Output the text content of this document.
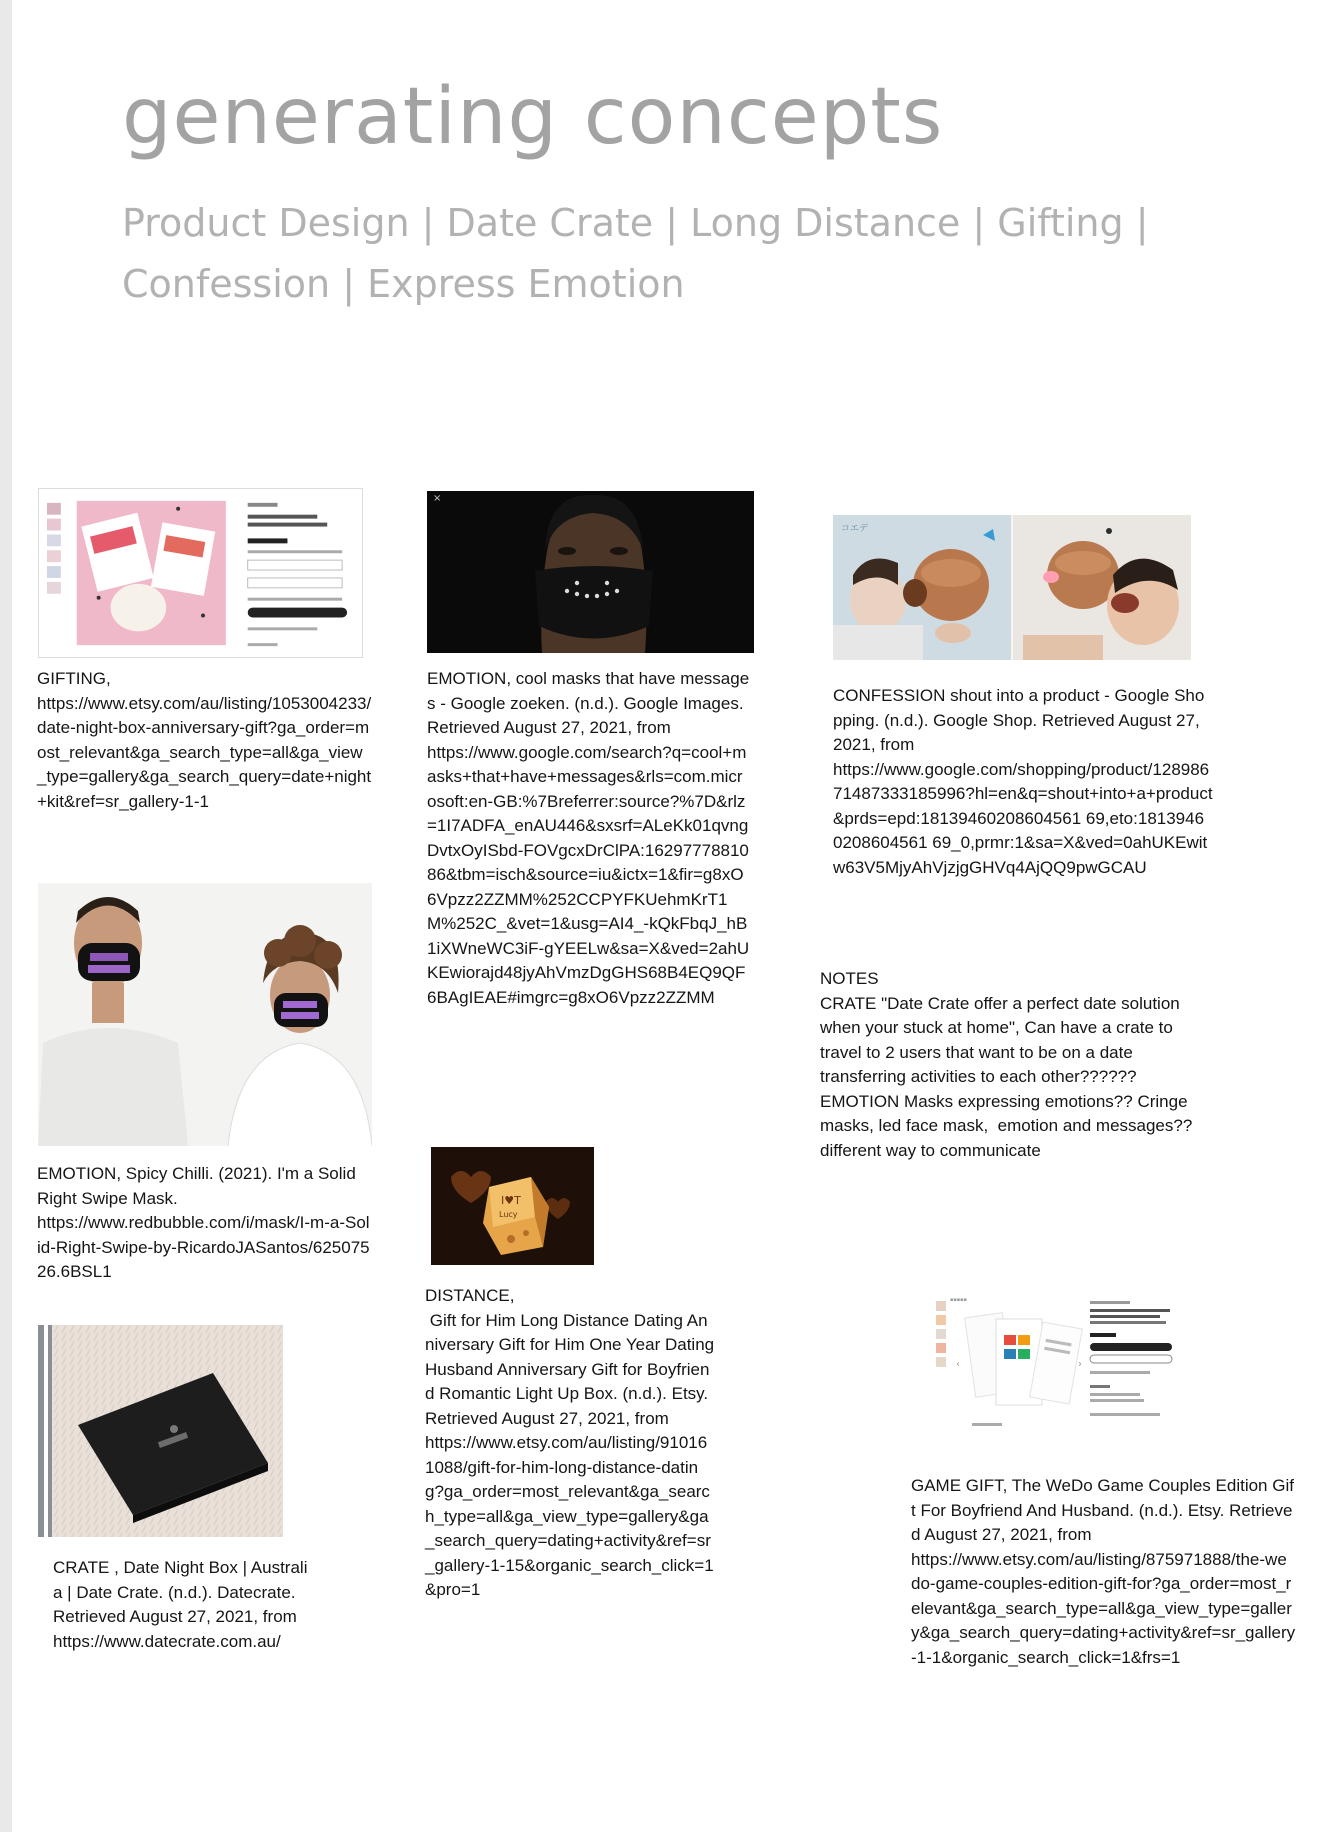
generating concepts

Product Design | Date Crate | Long Distance | Gifting | Confession | Express Emotion

GIFTING,
https://www.etsy.com/au/listing/1053004233/date-night-box-anniversary-gift?ga_order=most_relevant&ga_search_type=all&ga_view_type=gallery&ga_search_query=date+night+kit&ref=sr_gallery-1-1

EMOTION, Spicy Chilli. (2021). I'm a Solid Right Swipe Mask.
https://www.redbubble.com/i/mask/I-m-a-Solid-Right-Swipe-by-RicardoJASantos/62507526.6BSL1

CRATE , Date Night Box | Australia | Date Crate. (n.d.). Datecrate. Retrieved August 27, 2021, from
https://www.datecrate.com.au/

×

EMOTION, cool masks that have messages - Google zoeken. (n.d.). Google Images. Retrieved August 27, 2021, from
https://www.google.com/search?q=cool+masks+that+have+messages&rls=com.microsoft:en-GB:%7Breferrer:source?%7D&rlz=1I7ADFA_enAU446&sxsrf=ALeKk01qvngDvtxOyISbd-FOVgcxDrClPA:1629777881086&tbm=isch&source=iu&ictx=1&fir=g8xO6Vpzz2ZZMM%252CCPYFKUehmKrT1M%252C_&vet=1&usg=AI4_-kQkFbqJ_hB1iXWneWC3iF-gYEELw&sa=X&ved=2ahUKEwiorajd48jyAhVmzDgGHS68B4EQ9QF6BAgIEAE#imgrc=g8xO6Vpzz2ZZMM

I♥T
Lucy

DISTANCE,
Gift for Him Long Distance Dating Anniversary Gift for Him One Year Dating Husband Anniversary Gift for Boyfriend Romantic Light Up Box. (n.d.). Etsy. Retrieved August 27, 2021, from
https://www.etsy.com/au/listing/910161088/gift-for-him-long-distance-dating?ga_order=most_relevant&ga_search_type=all&ga_view_type=gallery&ga_search_query=dating+activity&ref=sr_gallery-1-15&organic_search_click=1&pro=1

コエデ

CONFESSION shout into a product - Google Shopping. (n.d.). Google Shop. Retrieved August 27, 2021, from
https://www.google.com/shopping/product/12898671487333185996?hl=en&q=shout+into+a+product&prds=epd:18139460208604561 69,eto:18139460208604561 69_0,prmr:1&sa=X&ved=0ahUKEwitw63V5MjyAhVjzjgGHVq4AjQQ9pwGCAU

NOTES
CRATE "Date Crate offer a perfect date solution when your stuck at home", Can have a crate to travel to 2 users that want to be on a date transferring activities to each other??????
EMOTION Masks expressing emotions?? Cringe masks, led face mask,  emotion and messages?? different way to communicate

▪▪▪▪▪
›
‹

GAME GIFT, The WeDo Game Couples Edition Gift For Boyfriend And Husband. (n.d.). Etsy. Retrieved August 27, 2021, from
https://www.etsy.com/au/listing/875971888/the-wedo-game-couples-edition-gift-for?ga_order=most_relevant&ga_search_type=all&ga_view_type=gallery&ga_search_query=dating+activity&ref=sr_gallery-1-1&organic_search_click=1&frs=1
